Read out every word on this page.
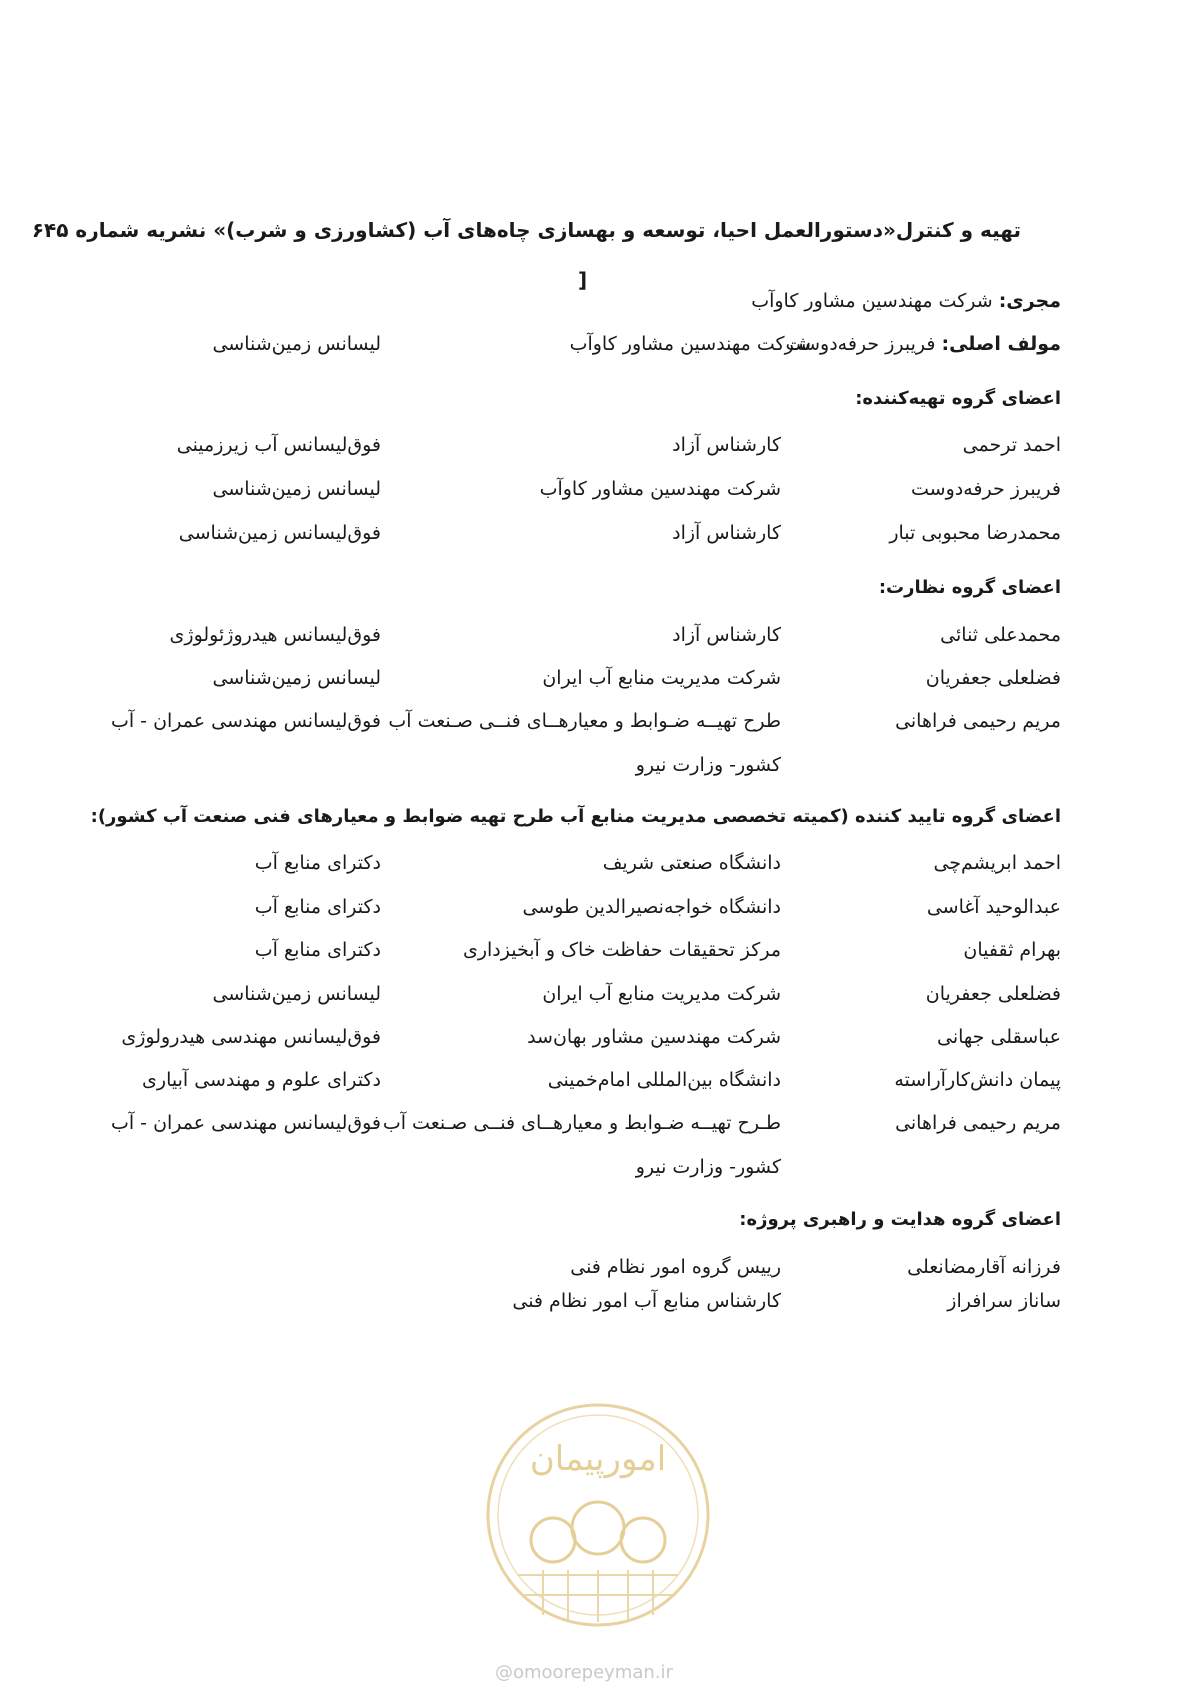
تهیه و کنترل«دستورالعمل احیا، توسعه و بهسازی چاه‌های آب (کشاورزی و شرب)» نشریه شماره ۶۴۵
[
مجری: شرکت مهندسین مشاور کاوآب
مولف اصلی: فریبرز حرفه‌دوست
شرکت مهندسین مشاور کاوآب
لیسانس زمین‌شناسی
اعضای گروه تهیه‌کننده:
احمد ترحمی
کارشناس آزاد
فوق‌لیسانس آب زیرزمینی
فریبرز حرفه‌دوست
شرکت مهندسین مشاور کاوآب
لیسانس زمین‌شناسی
محمدرضا محبوبی تبار
کارشناس آزاد
فوق‌لیسانس زمین‌شناسی
اعضای گروه نظارت:
محمدعلی ثنائی
کارشناس آزاد
فوق‌لیسانس هیدروژئولوژی
فضلعلی جعفریان
شرکت مدیریت منابع آب ایران
لیسانس زمین‌شناسی
مریم رحیمی فراهانی
طرح تهیــه ضـوابط و معیارهــای فنــی صـنعت آب
فوق‌لیسانس مهندسی عمران - آب
کشور- وزارت نیرو
اعضای گروه تایید کننده (کمیته تخصصی مدیریت منابع آب طرح تهیه ضوابط و معیارهای فنی صنعت آب کشور):
احمد ابریشم‌چی
دانشگاه صنعتی شریف
دکترای منابع آب
عبدالوحید آغاسی
دانشگاه خواجه‌نصیرالدین طوسی
دکترای منابع آب
بهرام ثقفیان
مرکز تحقیقات حفاظت خاک و آبخیزداری
دکترای منابع آب
فضلعلی جعفریان
شرکت مدیریت منابع آب ایران
لیسانس زمین‌شناسی
عباسقلی جهانی
شرکت مهندسین مشاور بهان‌سد
فوق‌لیسانس مهندسی هیدرولوژی
پیمان دانش‌کارآراسته
دانشگاه بین‌المللی امام‌خمینی
دکترای علوم و مهندسی آبیاری
مریم رحیمی فراهانی
طـرح تهیــه ضـوابط و معیارهــای فنــی صـنعت آب
فوق‌لیسانس مهندسی عمران - آب
کشور- وزارت نیرو
اعضای گروه هدایت و راهبری پروژه:
فرزانه آقارمضانعلی
رییس گروه امور نظام فنی
ساناز سرافراز
کارشناس منابع آب امور نظام فنی
امورپیمان
@omoorepeyman.ir
